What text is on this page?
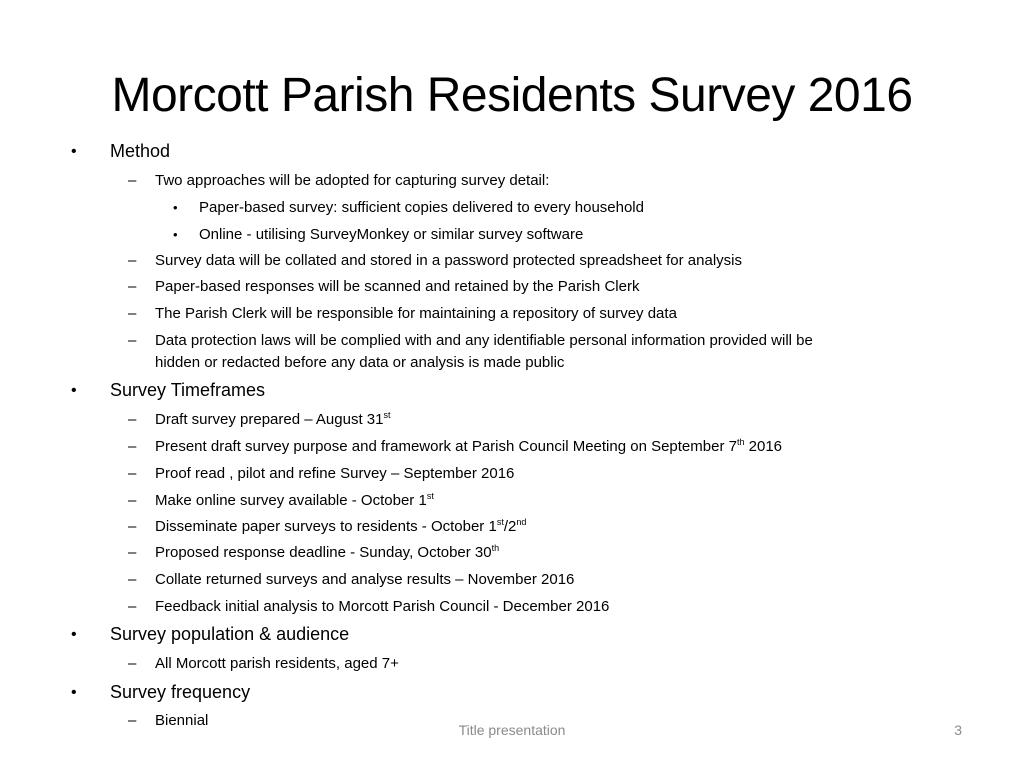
Morcott Parish Residents Survey 2016
• Method
– Two approaches will be adopted for capturing survey detail:
• Paper-based survey: sufficient copies delivered to every household
• Online - utilising SurveyMonkey or similar survey software
– Survey data will be collated and stored in a password protected spreadsheet for analysis
– Paper-based responses will be scanned and retained by the Parish Clerk
– The Parish Clerk will be responsible for maintaining a repository of survey data
– Data protection laws will be complied with and any identifiable personal information provided will be
hidden or redacted before any data or analysis is made public
• Survey Timeframes
– Draft survey prepared – August 31st
– Present draft survey purpose and framework at Parish Council Meeting on September 7th 2016
– Proof read , pilot and refine Survey – September 2016
– Make online survey available - October 1st
– Disseminate paper surveys to residents - October 1st/2nd
– Proposed response deadline - Sunday, October 30th
– Collate returned surveys and analyse results – November 2016
– Feedback initial analysis to Morcott Parish Council - December 2016
• Survey population & audience
– All Morcott parish residents, aged 7+
• Survey frequency
– Biennial
Title presentation	3
